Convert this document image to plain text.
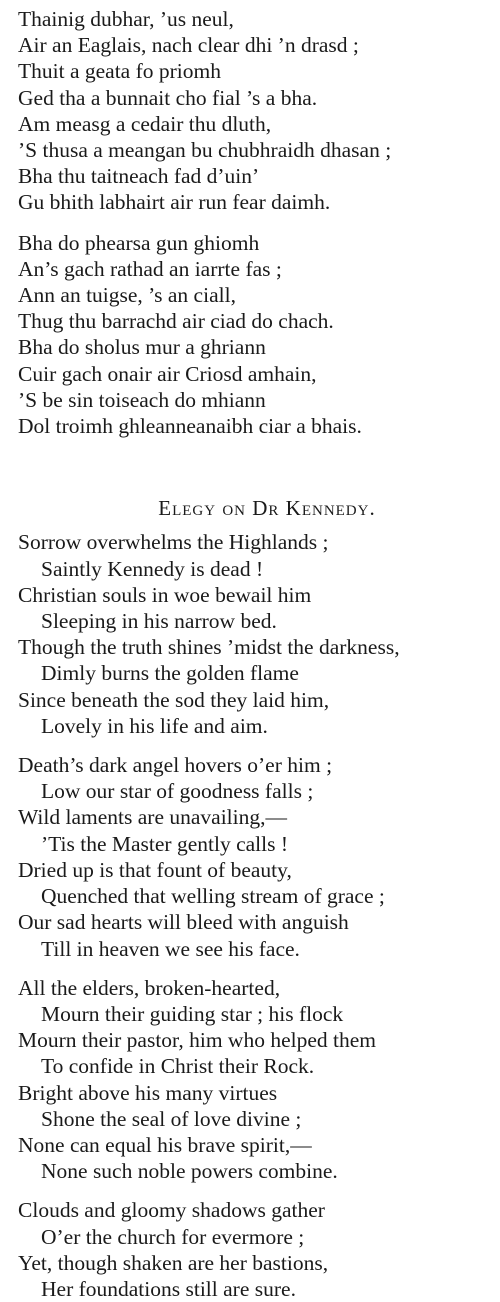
Thainig dubhar, ’us neul,
Air an Eaglais, nach clear dhi ’n drasd ;
Thuit a geata fo priomh
Ged tha a bunnait cho fial ’s a bha.
Am measg a cedair thu dluth,
’S thusa a meangan bu chubhraidh dhasan ;
Bha thu taitneach fad d’uin’
Gu bhith labhairt air run fear daimh.
Bha do phearsa gun ghiomh
An’s gach rathad an iarrte fas ;
Ann an tuigse, ’s an ciall,
Thug thu barrachd air ciad do chach.
Bha do sholus mur a ghriann
Cuir gach onair air Criosd amhain,
’S be sin toiseach do mhiann
Dol troimh ghleanneanaibh ciar a bhais.
Elegy on Dr Kennedy.
Sorrow overwhelms the Highlands ;
Saintly Kennedy is dead !
Christian souls in woe bewail him
Sleeping in his narrow bed.
Though the truth shines ’midst the darkness,
Dimly burns the golden flame
Since beneath the sod they laid him,
Lovely in his life and aim.
Death’s dark angel hovers o’er him ;
Low our star of goodness falls ;
Wild laments are unavailing,—
’Tis the Master gently calls !
Dried up is that fount of beauty,
Quenched that welling stream of grace ;
Our sad hearts will bleed with anguish
Till in heaven we see his face.
All the elders, broken-hearted,
Mourn their guiding star ; his flock
Mourn their pastor, him who helped them
To confide in Christ their Rock.
Bright above his many virtues
Shone the seal of love divine ;
None can equal his brave spirit,—
None such noble powers combine.
Clouds and gloomy shadows gather
O’er the church for evermore ;
Yet, though shaken are her bastions,
Her foundations still are sure.
